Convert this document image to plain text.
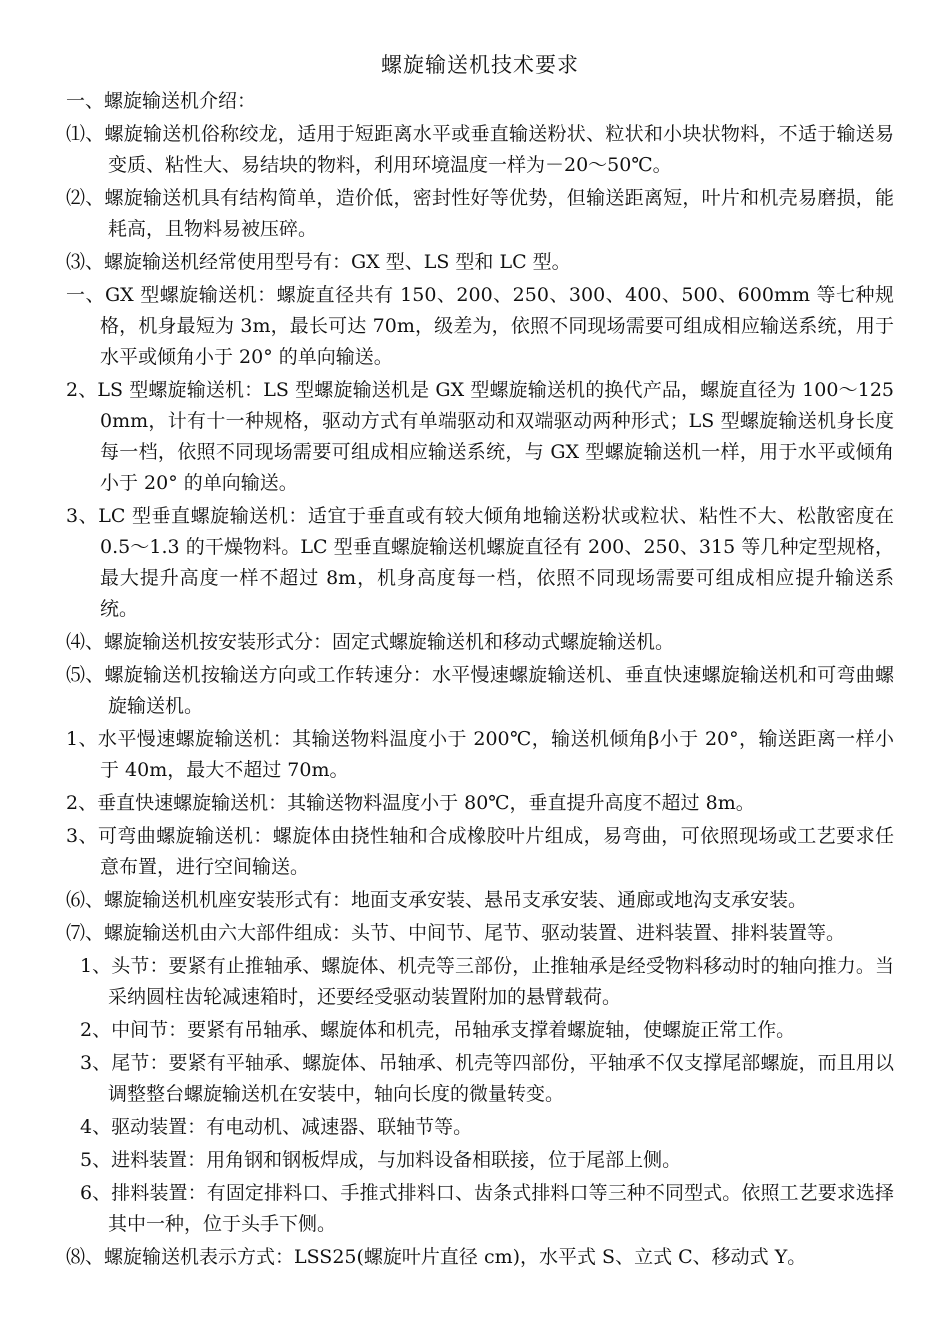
螺旋输送机技术要求

一、螺旋输送机介绍：

⑴、螺旋输送机俗称绞龙，适用于短距离水平或垂直输送粉状、粒状和小块状物料，不适于输送易变质、粘性大、易结块的物料，利用环境温度一样为－20～50℃。

⑵、螺旋输送机具有结构简单，造价低，密封性好等优势，但输送距离短，叶片和机壳易磨损，能耗高，且物料易被压碎。

⑶、螺旋输送机经常使用型号有：GX 型、LS 型和 LC 型。

一、GX 型螺旋输送机：螺旋直径共有 150、200、250、300、400、500、600mm 等七种规格，机身最短为 3m，最长可达 70m，级差为，依照不同现场需要可组成相应输送系统，用于水平或倾角小于 20° 的单向输送。

2、LS 型螺旋输送机：LS 型螺旋输送机是 GX 型螺旋输送机的换代产品，螺旋直径为 100～1250mm，计有十一种规格，驱动方式有单端驱动和双端驱动两种形式；LS 型螺旋输送机身长度每一档，依照不同现场需要可组成相应输送系统，与 GX 型螺旋输送机一样，用于水平或倾角小于 20° 的单向输送。

3、LC 型垂直螺旋输送机：适宜于垂直或有较大倾角地输送粉状或粒状、粘性不大、松散密度在 0.5～1.3 的干燥物料。LC 型垂直螺旋输送机螺旋直径有 200、250、315 等几种定型规格，最大提升高度一样不超过 8m，机身高度每一档，依照不同现场需要可组成相应提升输送系统。

⑷、螺旋输送机按安装形式分：固定式螺旋输送机和移动式螺旋输送机。

⑸、螺旋输送机按输送方向或工作转速分：水平慢速螺旋输送机、垂直快速螺旋输送机和可弯曲螺旋输送机。

1、水平慢速螺旋输送机：其输送物料温度小于 200℃，输送机倾角β小于 20°，输送距离一样小于 40m，最大不超过 70m。

2、垂直快速螺旋输送机：其输送物料温度小于 80℃，垂直提升高度不超过 8m。

3、可弯曲螺旋输送机：螺旋体由挠性轴和合成橡胶叶片组成，易弯曲，可依照现场或工艺要求任意布置，进行空间输送。

⑹、螺旋输送机机座安装形式有：地面支承安装、悬吊支承安装、通廊或地沟支承安装。

⑺、螺旋输送机由六大部件组成：头节、中间节、尾节、驱动装置、进料装置、排料装置等。

1、头节：要紧有止推轴承、螺旋体、机壳等三部份，止推轴承是经受物料移动时的轴向推力。当采纳圆柱齿轮减速箱时，还要经受驱动装置附加的悬臂载荷。

2、中间节：要紧有吊轴承、螺旋体和机壳，吊轴承支撑着螺旋轴，使螺旋正常工作。

3、尾节：要紧有平轴承、螺旋体、吊轴承、机壳等四部份，平轴承不仅支撑尾部螺旋，而且用以调整整台螺旋输送机在安装中，轴向长度的微量转变。

4、驱动装置：有电动机、减速器、联轴节等。

5、进料装置：用角钢和钢板焊成，与加料设备相联接，位于尾部上侧。

6、排料装置：有固定排料口、手推式排料口、齿条式排料口等三种不同型式。依照工艺要求选择其中一种，位于头手下侧。

⑻、螺旋输送机表示方式：LSS25(螺旋叶片直径 cm)，水平式 S、立式 C、移动式 Y。
